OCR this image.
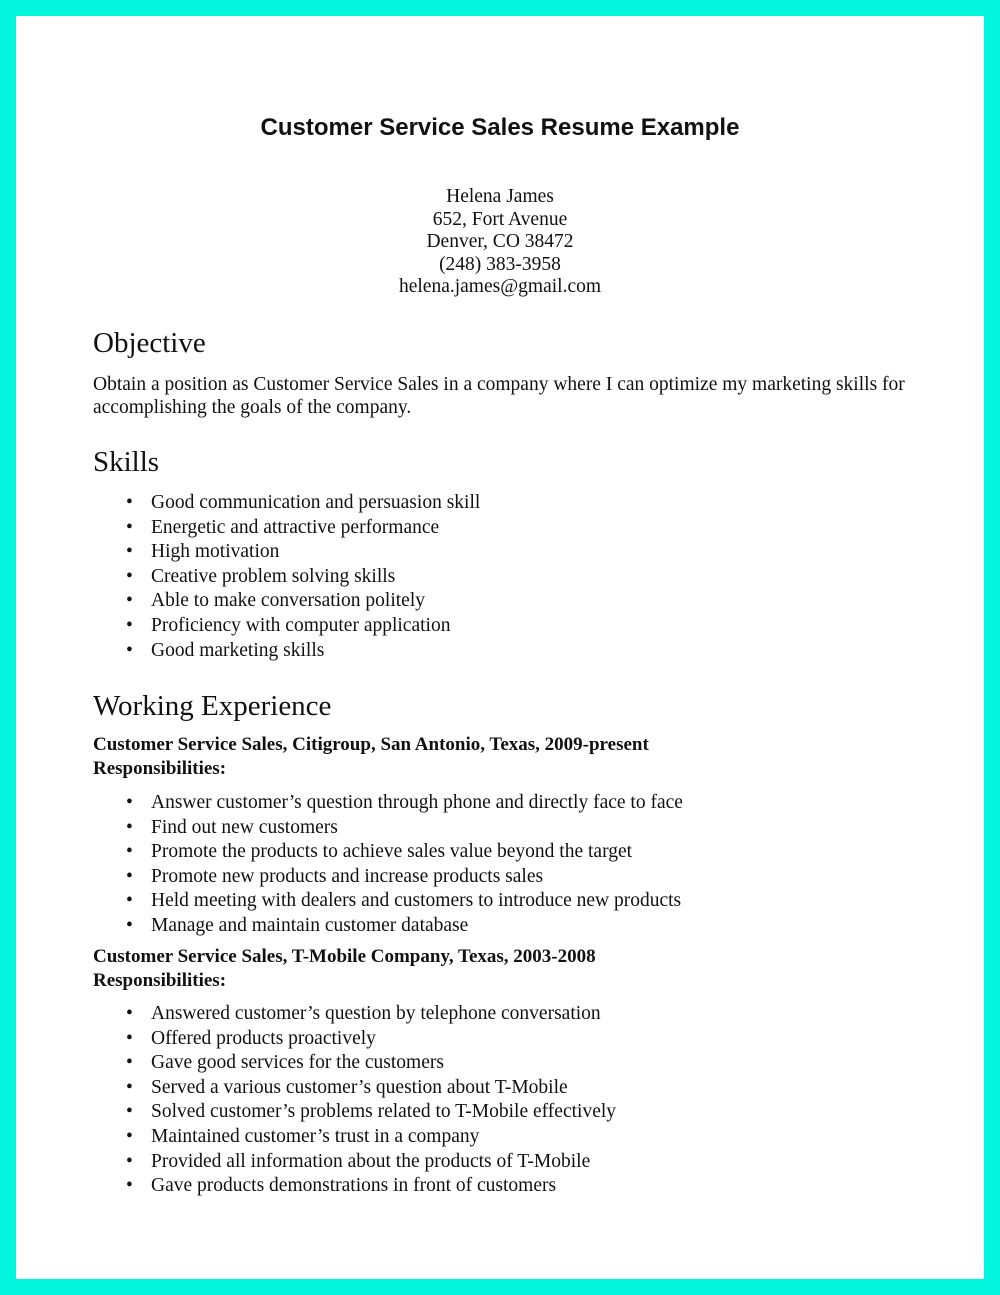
Customer Service Sales Resume Example
Helena James
652, Fort Avenue
Denver, CO 38472
(248) 383-3958
helena.james@gmail.com
Objective
Obtain a position as Customer Service Sales in a company where I can optimize my marketing skills for accomplishing the goals of the company.
Skills
• Good communication and persuasion skill
• Energetic and attractive performance
• High motivation
• Creative problem solving skills
• Able to make conversation politely
• Proficiency with computer application
• Good marketing skills
Working Experience
Customer Service Sales, Citigroup, San Antonio, Texas, 2009-present
Responsibilities:
• Answer customer’s question through phone and directly face to face
• Find out new customers
• Promote the products to achieve sales value beyond the target
• Promote new products and increase products sales
• Held meeting with dealers and customers to introduce new products
• Manage and maintain customer database
Customer Service Sales, T-Mobile Company, Texas, 2003-2008
Responsibilities:
• Answered customer’s question by telephone conversation
• Offered products proactively
• Gave good services for the customers
• Served a various customer’s question about T-Mobile
• Solved customer’s problems related to T-Mobile effectively
• Maintained customer’s trust in a company
• Provided all information about the products of T-Mobile
• Gave products demonstrations in front of customers
